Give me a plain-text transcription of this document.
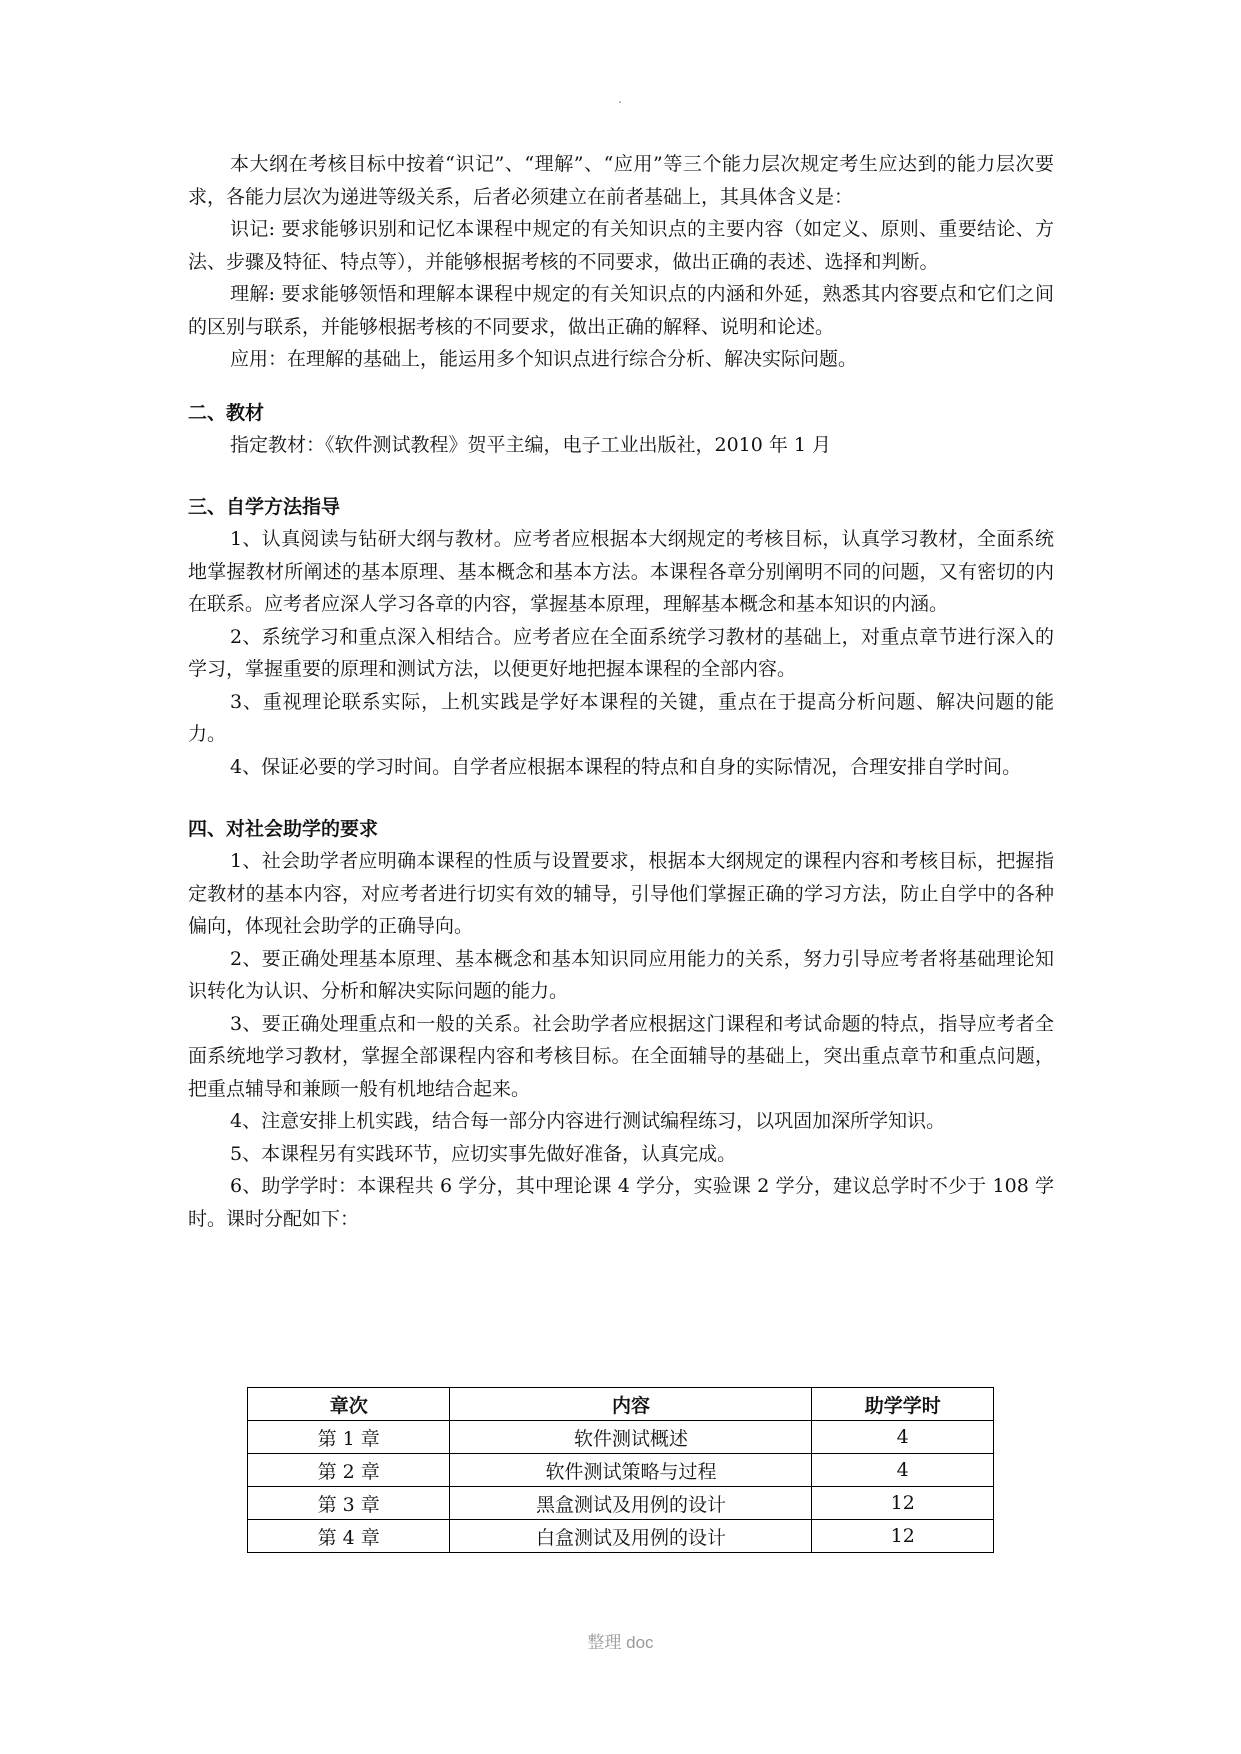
.

本大纲在考核目标中按着“识记”、“理解”、“应用”等三个能力层次规定考生应达到的能力层次要求，各能力层次为递进等级关系，后者必须建立在前者基础上，其具体含义是：

识记: 要求能够识别和记忆本课程中规定的有关知识点的主要内容（如定义、原则、重要结论、方法、步骤及特征、特点等），并能够根据考核的不同要求，做出正确的表述、选择和判断。

理解: 要求能够领悟和理解本课程中规定的有关知识点的内涵和外延，熟悉其内容要点和它们之间的区别与联系，并能够根据考核的不同要求，做出正确的解释、说明和论述。

应用：在理解的基础上，能运用多个知识点进行综合分析、解决实际问题。

二、教材

指定教材：《软件测试教程》贺平主编，电子工业出版社，2010 年 1 月

三、自学方法指导

1、认真阅读与钻研大纲与教材。应考者应根据本大纲规定的考核目标，认真学习教材，全面系统地掌握教材所阐述的基本原理、基本概念和基本方法。本课程各章分别阐明不同的问题，又有密切的内在联系。应考者应深人学习各章的内容，掌握基本原理，理解基本概念和基本知识的内涵。

2、系统学习和重点深入相结合。应考者应在全面系统学习教材的基础上，对重点章节进行深入的学习，掌握重要的原理和测试方法，以便更好地把握本课程的全部内容。

3、重视理论联系实际，上机实践是学好本课程的关键，重点在于提高分析问题、解决问题的能力。

4、保证必要的学习时间。自学者应根据本课程的特点和自身的实际情况，合理安排自学时间。

四、对社会助学的要求

1、社会助学者应明确本课程的性质与设置要求，根据本大纲规定的课程内容和考核目标，把握指定教材的基本内容，对应考者进行切实有效的辅导，引导他们掌握正确的学习方法，防止自学中的各种偏向，体现社会助学的正确导向。

2、要正确处理基本原理、基本概念和基本知识同应用能力的关系，努力引导应考者将基础理论知识转化为认识、分析和解决实际问题的能力。

3、要正确处理重点和一般的关系。社会助学者应根据这门课程和考试命题的特点，指导应考者全面系统地学习教材，掌握全部课程内容和考核目标。在全面辅导的基础上，突出重点章节和重点问题，把重点辅导和兼顾一般有机地结合起来。

4、注意安排上机实践，结合每一部分内容进行测试编程练习，以巩固加深所学知识。

5、本课程另有实践环节，应切实事先做好准备，认真完成。

6、助学学时：本课程共 6 学分，其中理论课 4 学分，实验课 2 学分，建议总学时不少于 108 学时。课时分配如下：

章次	内容	助学学时
第 1 章	软件测试概述	4
第 2 章	软件测试策略与过程	4
第 3 章	黑盒测试及用例的设计	12
第 4 章	白盒测试及用例的设计	12
整理 doc
